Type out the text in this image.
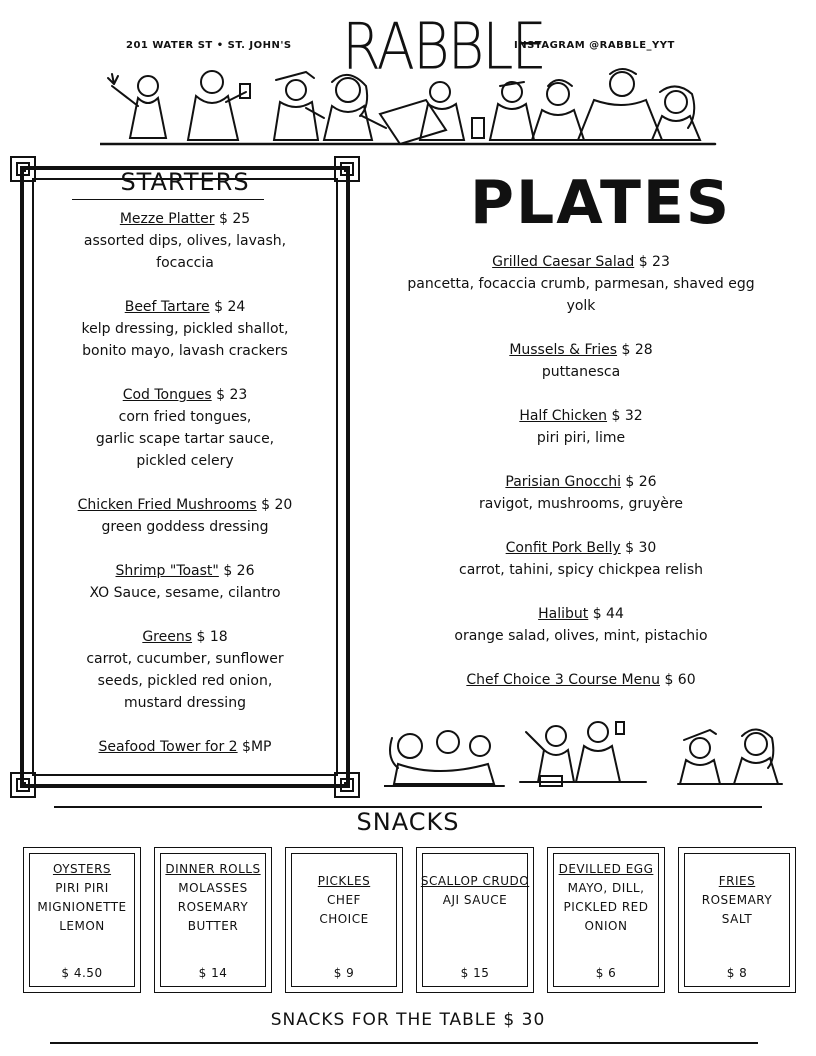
201 WATER ST • ST. JOHN'S RABBLE
INSTAGRAM @RABBLE_YYT
STARTERS
Mezze Platter $ 25
assorted dips, olives, lavash,
focaccia
Beef Tartare $ 24
kelp dressing, pickled shallot,
bonito mayo, lavash crackers
Cod Tongues $ 23
corn fried tongues,
garlic scape tartar sauce,
pickled celery
Chicken Fried Mushrooms $ 20
green goddess dressing
Shrimp "Toast" $ 26
XO Sauce, sesame, cilantro
Greens $ 18
carrot, cucumber, sunflower
seeds, pickled red onion,
mustard dressing
Seafood Tower for 2 $MP
PLATES
Grilled Caesar Salad $ 23
pancetta, focaccia crumb, parmesan, shaved egg yolk
Mussels & Fries $ 28
puttanesca
Half Chicken $ 32
piri piri, lime
Parisian Gnocchi $ 26
ravigot, mushrooms, gruyère
Confit Pork Belly $ 30
carrot, tahini, spicy chickpea relish
Halibut $ 44
orange salad, olives, mint, pistachio
Chef Choice 3 Course Menu $ 60
SNACKS
OYSTERS
PIRI PIRI
MIGNIONETTE
LEMON
$ 4.50
DINNER ROLLS
MOLASSES
ROSEMARY
BUTTER
$ 14
PICKLES
CHEF
CHOICE
$ 9
SCALLOP CRUDO
AJI SAUCE
$ 15
DEVILLED EGG
MAYO, DILL,
PICKLED RED
ONION
$ 6
FRIES
ROSEMARY
SALT
$ 8
SNACKS FOR THE TABLE $ 30
